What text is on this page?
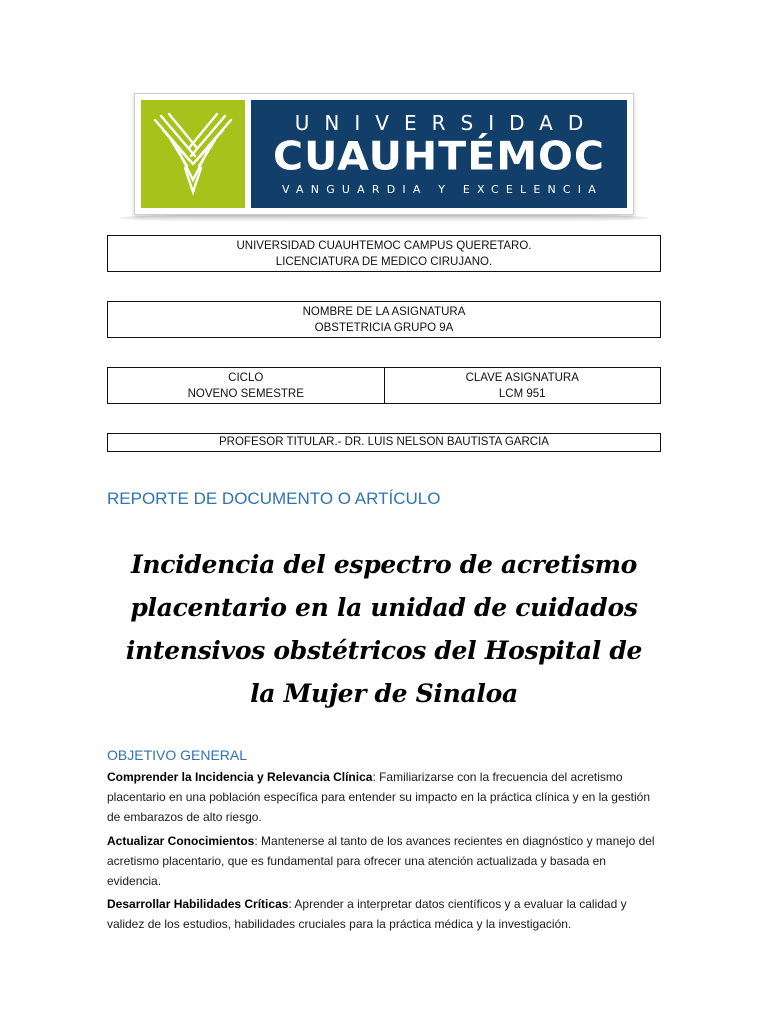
UNIVERSIDAD
CUAUHTÉMOC
VANGUARDIA Y EXCELENCIA
UNIVERSIDAD CUAUHTEMOC CAMPUS QUERETARO.
LICENCIATURA DE MEDICO CIRUJANO.
NOMBRE DE LA ASIGNATURA
OBSTETRICIA GRUPO 9A
CICLO
NOVENO SEMESTRE
CLAVE ASIGNATURA
LCM 951
PROFESOR TITULAR.- DR. LUIS NELSON BAUTISTA GARCIA
REPORTE DE DOCUMENTO O ARTÍCULO
Incidencia del espectro de acretismo placentario en la unidad de cuidados intensivos obstétricos del Hospital de la Mujer de Sinaloa
OBJETIVO GENERAL
Comprender la Incidencia y Relevancia Clínica: Familiarizarse con la frecuencia del acretismo placentario en una población específica para entender su impacto en la práctica clínica y en la gestión de embarazos de alto riesgo.
Actualizar Conocimientos: Mantenerse al tanto de los avances recientes en diagnóstico y manejo del acretismo placentario, que es fundamental para ofrecer una atención actualizada y basada en evidencia.
Desarrollar Habilidades Críticas: Aprender a interpretar datos científicos y a evaluar la calidad y validez de los estudios, habilidades cruciales para la práctica médica y la investigación.
